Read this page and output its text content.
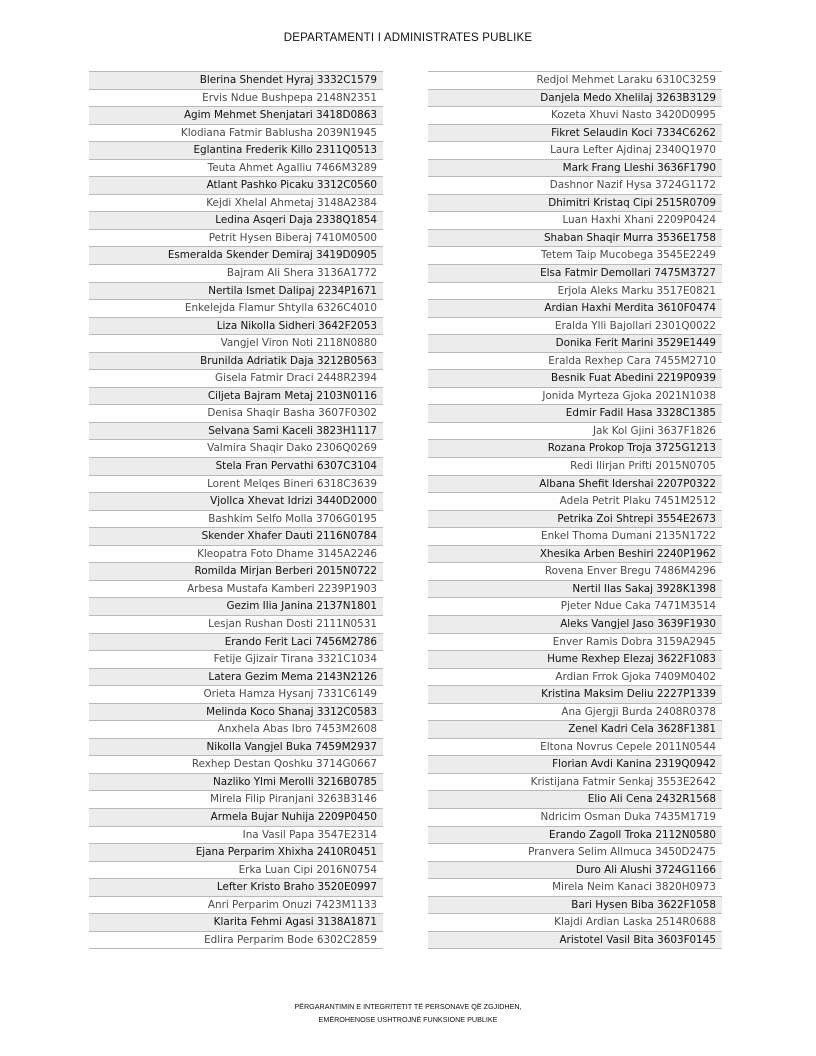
DEPARTAMENTI I ADMINISTRATES PUBLIKE
Blerina Shendet Hyraj 3332C1579
Ervis Ndue Bushpepa 2148N2351
Agim Mehmet Shenjatari 3418D0863
Klodiana Fatmir Bablusha 2039N1945
Eglantina Frederik Killo 2311Q0513
Teuta Ahmet Agalliu 7466M3289
Atlant Pashko Picaku 3312C0560
Kejdi Xhelal Ahmetaj 3148A2384
Ledina Asqeri Daja 2338Q1854
Petrit Hysen Biberaj 7410M0500
Esmeralda Skender Demiraj 3419D0905
Bajram Ali Shera 3136A1772
Nertila Ismet Dalipaj 2234P1671
Enkelejda Flamur Shtylla 6326C4010
Liza Nikolla Sidheri 3642F2053
Vangjel Viron Noti 2118N0880
Brunilda Adriatik Daja 3212B0563
Gisela Fatmir Draci 2448R2394
Ciljeta Bajram Metaj 2103N0116
Denisa Shaqir Basha 3607F0302
Selvana Sami Kaceli 3823H1117
Valmira Shaqir Dako 2306Q0269
Stela Fran Pervathi 6307C3104
Lorent Melqes Bineri 6318C3639
Vjollca Xhevat Idrizi 3440D2000
Bashkim Selfo Molla 3706G0195
Skender Xhafer Dauti 2116N0784
Kleopatra Foto Dhame 3145A2246
Romilda Mirjan Berberi 2015N0722
Arbesa Mustafa Kamberi 2239P1903
Gezim Ilia Janina 2137N1801
Lesjan Rushan Dosti 2111N0531
Erando Ferit Laci 7456M2786
Fetije Gjizair Tirana 3321C1034
Latera Gezim Mema 2143N2126
Orieta Hamza Hysanj 7331C6149
Melinda Koco Shanaj 3312C0583
Anxhela Abas Ibro 7453M2608
Nikolla Vangjel Buka 7459M2937
Rexhep Destan Qoshku 3714G0667
Nazliko Ylmi Merolli 3216B0785
Mirela Filip Piranjani 3263B3146
Armela Bujar Nuhija 2209P0450
Ina Vasil Papa 3547E2314
Ejana Perparim Xhixha 2410R0451
Erka Luan Cipi 2016N0754
Lefter Kristo Braho 3520E0997
Anri Perparim Onuzi 7423M1133
Klarita Fehmi Agasi 3138A1871
Edlira Perparim Bode 6302C2859
Redjol Mehmet Laraku 6310C3259
Danjela Medo Xhelilaj 3263B3129
Kozeta Xhuvi Nasto 3420D0995
Fikret Selaudin Koci 7334C6262
Laura Lefter Ajdinaj 2340Q1970
Mark Frang Lleshi 3636F1790
Dashnor Nazif Hysa 3724G1172
Dhimitri Kristaq Cipi 2515R0709
Luan Haxhi Xhani 2209P0424
Shaban Shaqir Murra 3536E1758
Tetem Taip Mucobega 3545E2249
Elsa Fatmir Demollari 7475M3727
Erjola Aleks Marku 3517E0821
Ardian Haxhi Merdita 3610F0474
Eralda Ylli Bajollari 2301Q0022
Donika Ferit Marini 3529E1449
Eralda Rexhep Cara 7455M2710
Besnik Fuat Abedini 2219P0939
Jonida Myrteza Gjoka 2021N1038
Edmir Fadil Hasa 3328C1385
Jak Kol Gjini 3637F1826
Rozana Prokop Troja 3725G1213
Redi Ilirjan Prifti 2015N0705
Albana Shefit Idershai 2207P0322
Adela Petrit Plaku 7451M2512
Petrika Zoi Shtrepi 3554E2673
Enkel Thoma Dumani 2135N1722
Xhesika Arben Beshiri 2240P1962
Rovena Enver Bregu 7486M4296
Nertil Ilas Sakaj 3928K1398
Pjeter Ndue Caka 7471M3514
Aleks Vangjel Jaso 3639F1930
Enver Ramis Dobra 3159A2945
Hume Rexhep Elezaj 3622F1083
Ardian Frrok Gjoka 7409M0402
Kristina Maksim Deliu 2227P1339
Ana Gjergji Burda 2408R0378
Zenel Kadri Cela 3628F1381
Eltona Novrus Cepele 2011N0544
Florian Avdi Kanina 2319Q0942
Kristijana Fatmir Senkaj 3553E2642
Elio Ali Cena 2432R1568
Ndricim Osman Duka 7435M1719
Erando Zagoll Troka 2112N0580
Pranvera Selim Allmuca 3450D2475
Duro Ali Alushi 3724G1166
Mirela Neim Kanaci 3820H0973
Bari Hysen Biba 3622F1058
Klajdi Ardian Laska 2514R0688
Aristotel Vasil Bita 3603F0145
PËRGARANTIMIN E INTEGRITETIT TË PERSONAVE QË ZGJIDHEN,
EMËROHENOSE USHTROJNË FUNKSIONE PUBLIKE
